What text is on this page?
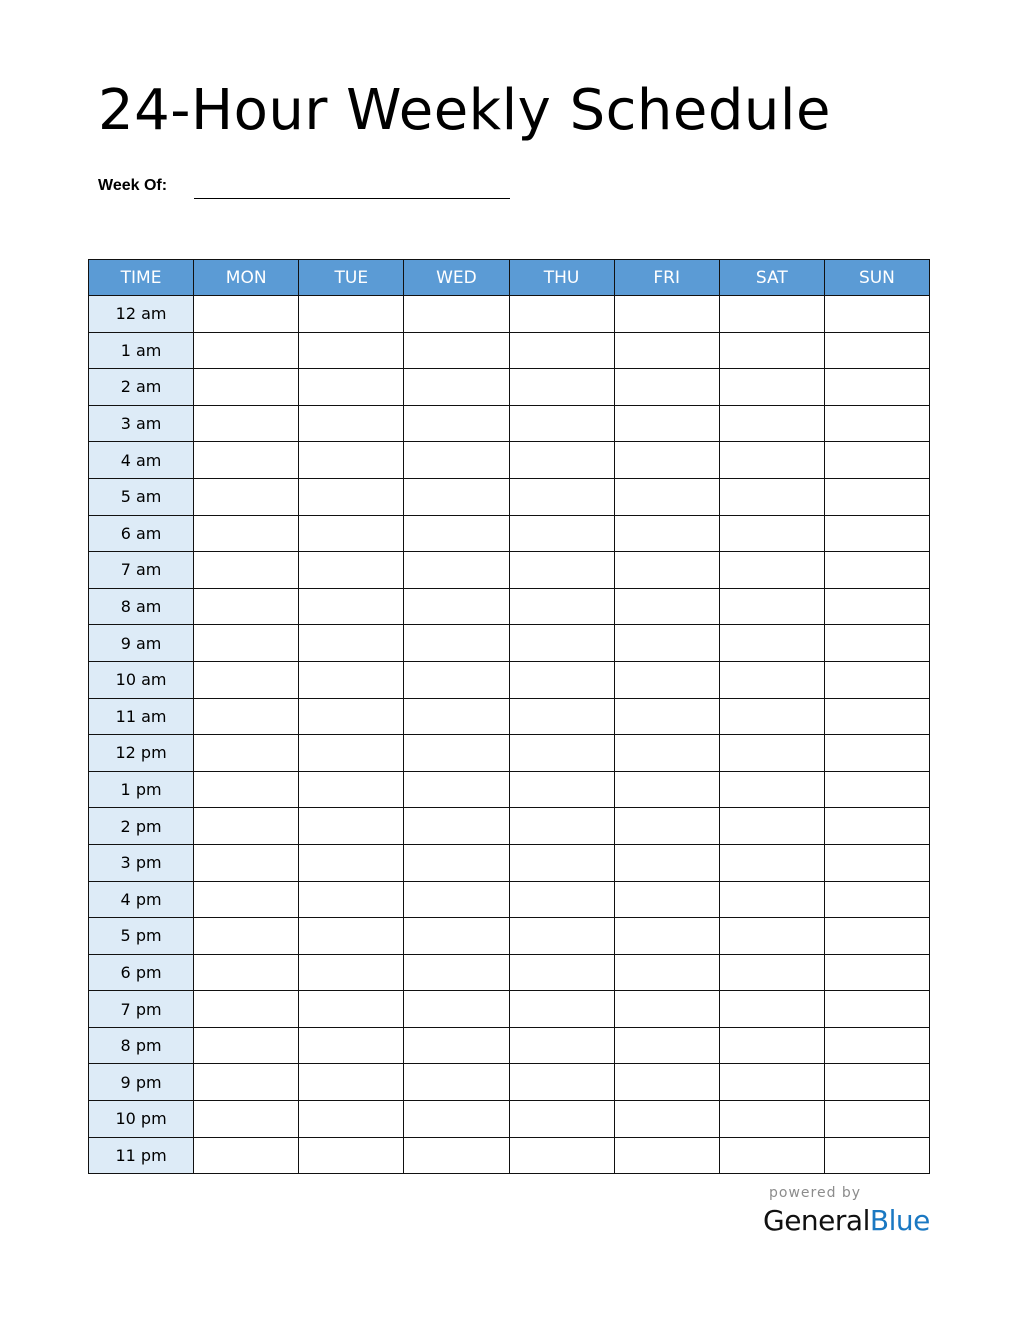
24-Hour Weekly Schedule
Week Of:
TIME	MON	TUE	WED	THU	FRI	SAT	SUN
12 am							
1 am							
2 am							
3 am							
4 am							
5 am							
6 am							
7 am							
8 am							
9 am							
10 am							
11 am							
12 pm							
1 pm							
2 pm							
3 pm							
4 pm							
5 pm							
6 pm							
7 pm							
8 pm							
9 pm							
10 pm							
11 pm							
powered by
GeneralBlue
